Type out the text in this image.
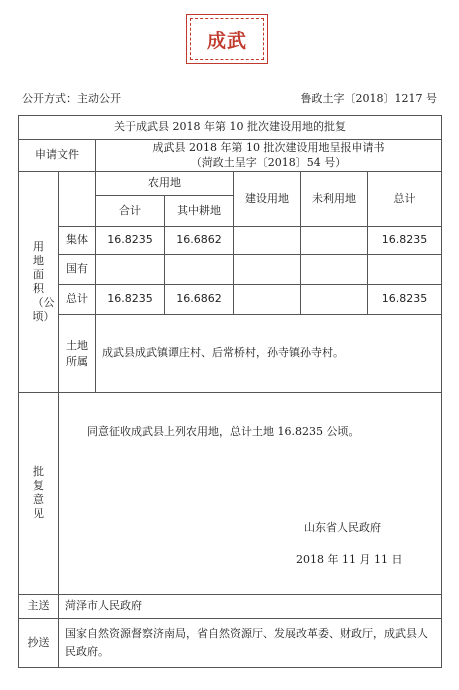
成武
公开方式：主动公开	鲁政土字〔2018〕1217 号
关于成武县 2018 年第 10 批次建设用地的批复						
申请文件		成武县 2018 年第 10 批次建设用地呈报申请书
（菏政土呈字〔2018〕54 号）				

用地面积（公顷）		农用地		建设用地	未利用地	总计
		合计	其中耕地			
	集体	16.8235	16.6862			16.8235
	国有					
	总计	16.8235	16.6862			16.8235

	土地所属	成武县成武镇谭庄村、后常桥村，孙寺镇孙寺村。				
批复意见	同意征收成武县上列农用地，总计土地 16.8235 公顷。
山东省人民政府
2018 年 11 月 11 日					

主送	菏泽市人民政府					
抄送	国家自然资源督察济南局，省自然资源厅、发展改革委、财政厅，成武县人民政府。					
